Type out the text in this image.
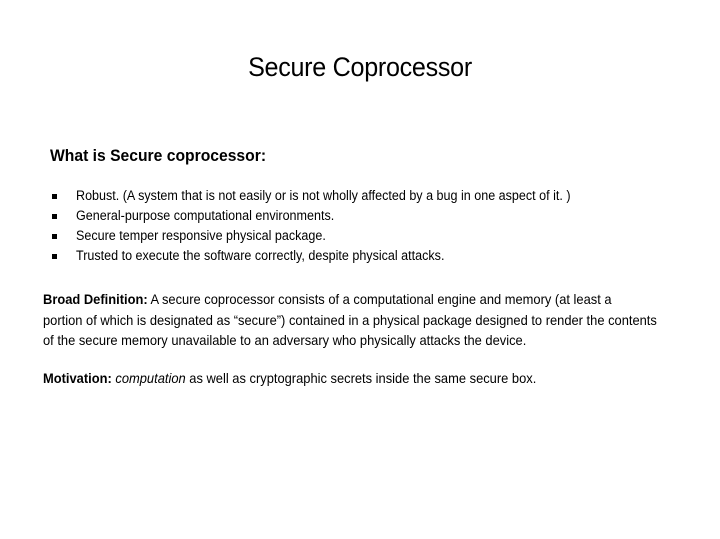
Secure Coprocessor
What is Secure coprocessor:
Robust. (A system that is not easily or is not wholly affected by a bug in one aspect of it. )
General-purpose computational environments.
Secure temper responsive physical package.
Trusted to execute the software correctly, despite physical attacks.
Broad Definition: A secure coprocessor consists of a computational engine and memory (at least a
portion of which is designated as “secure”) contained in a physical package designed to render the contents
of the secure memory unavailable to an adversary who physically attacks the device.
Motivation: computation as well as cryptographic secrets inside the same secure box.
